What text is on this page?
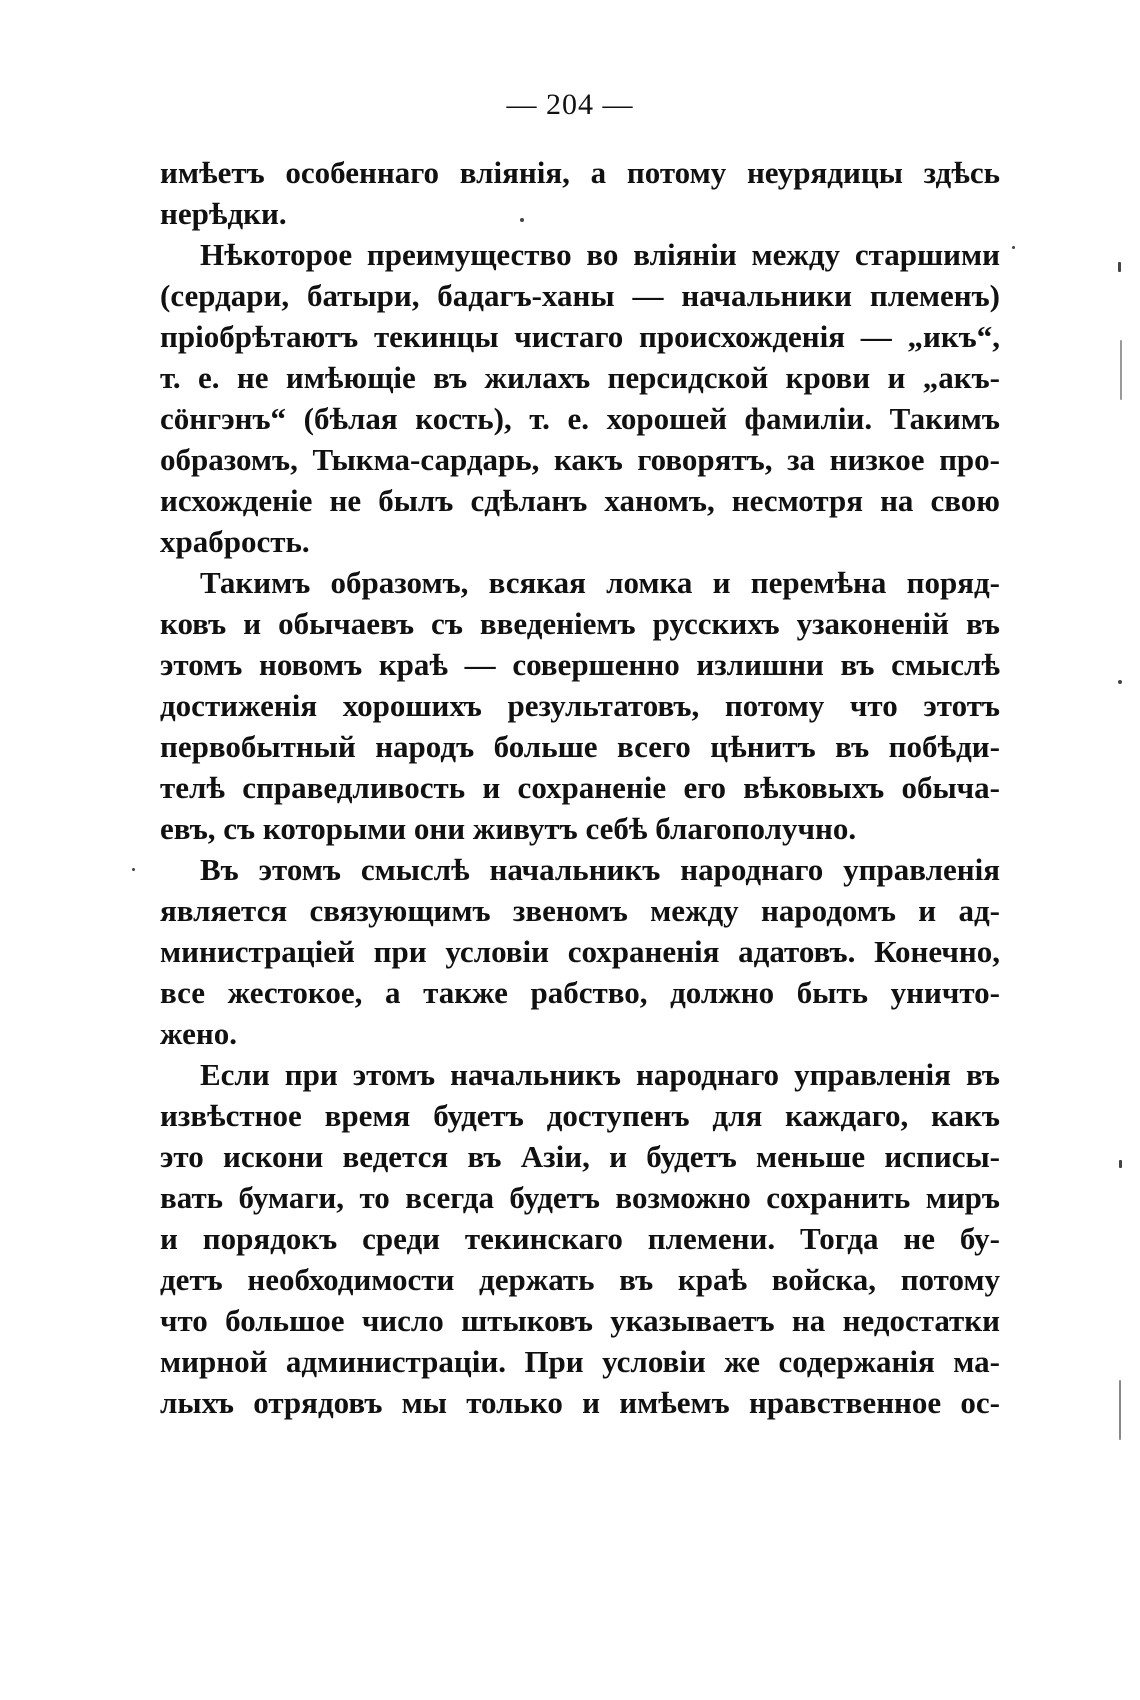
— 204 —
имѣетъ особеннаго вліянія, а потому неурядицы здѣсь
нерѣдки.
Нѣкоторое преимущество во вліяніи между старшими
(сердари, батыри, бадагъ-ханы — начальники племенъ)
пріобрѣтаютъ текинцы чистаго происхожденія — „икъ“,
т. е. не имѣющіе въ жилахъ персидской крови и „акъ-
сöнгэнъ“ (бѣлая кость), т. е. хорошей фамиліи. Такимъ
образомъ, Тыкма-сардарь, какъ говорятъ, за низкое про-
исхожденіе не былъ сдѣланъ ханомъ, несмотря на свою
храбрость.
Такимъ образомъ, всякая ломка и перемѣна поряд-
ковъ и обычаевъ съ введеніемъ русскихъ узаконеній въ
этомъ новомъ краѣ — совершенно излишни въ смыслѣ
достиженія хорошихъ результатовъ, потому что этотъ
первобытный народъ больше всего цѣнитъ въ побѣди-
телѣ справедливость и сохраненіе его вѣковыхъ обыча-
евъ, съ которыми они живутъ себѣ благополучно.
Въ этомъ смыслѣ начальникъ народнаго управленія
является связующимъ звеномъ между народомъ и ад-
министраціей при условіи сохраненія адатовъ. Конечно,
все жестокое, а также рабство, должно быть уничто-
жено.
Если при этомъ начальникъ народнаго управленія въ
извѣстное время будетъ доступенъ для каждаго, какъ
это искони ведется въ Азіи, и будетъ меньше исписы-
вать бумаги, то всегда будетъ возможно сохранить миръ
и порядокъ среди текинскаго племени. Тогда не бу-
детъ необходимости держать въ краѣ войска, потому
что большое число штыковъ указываетъ на недостатки
мирной администраціи. При условіи же содержанія ма-
лыхъ отрядовъ мы только и имѣемъ нравственное ос-
